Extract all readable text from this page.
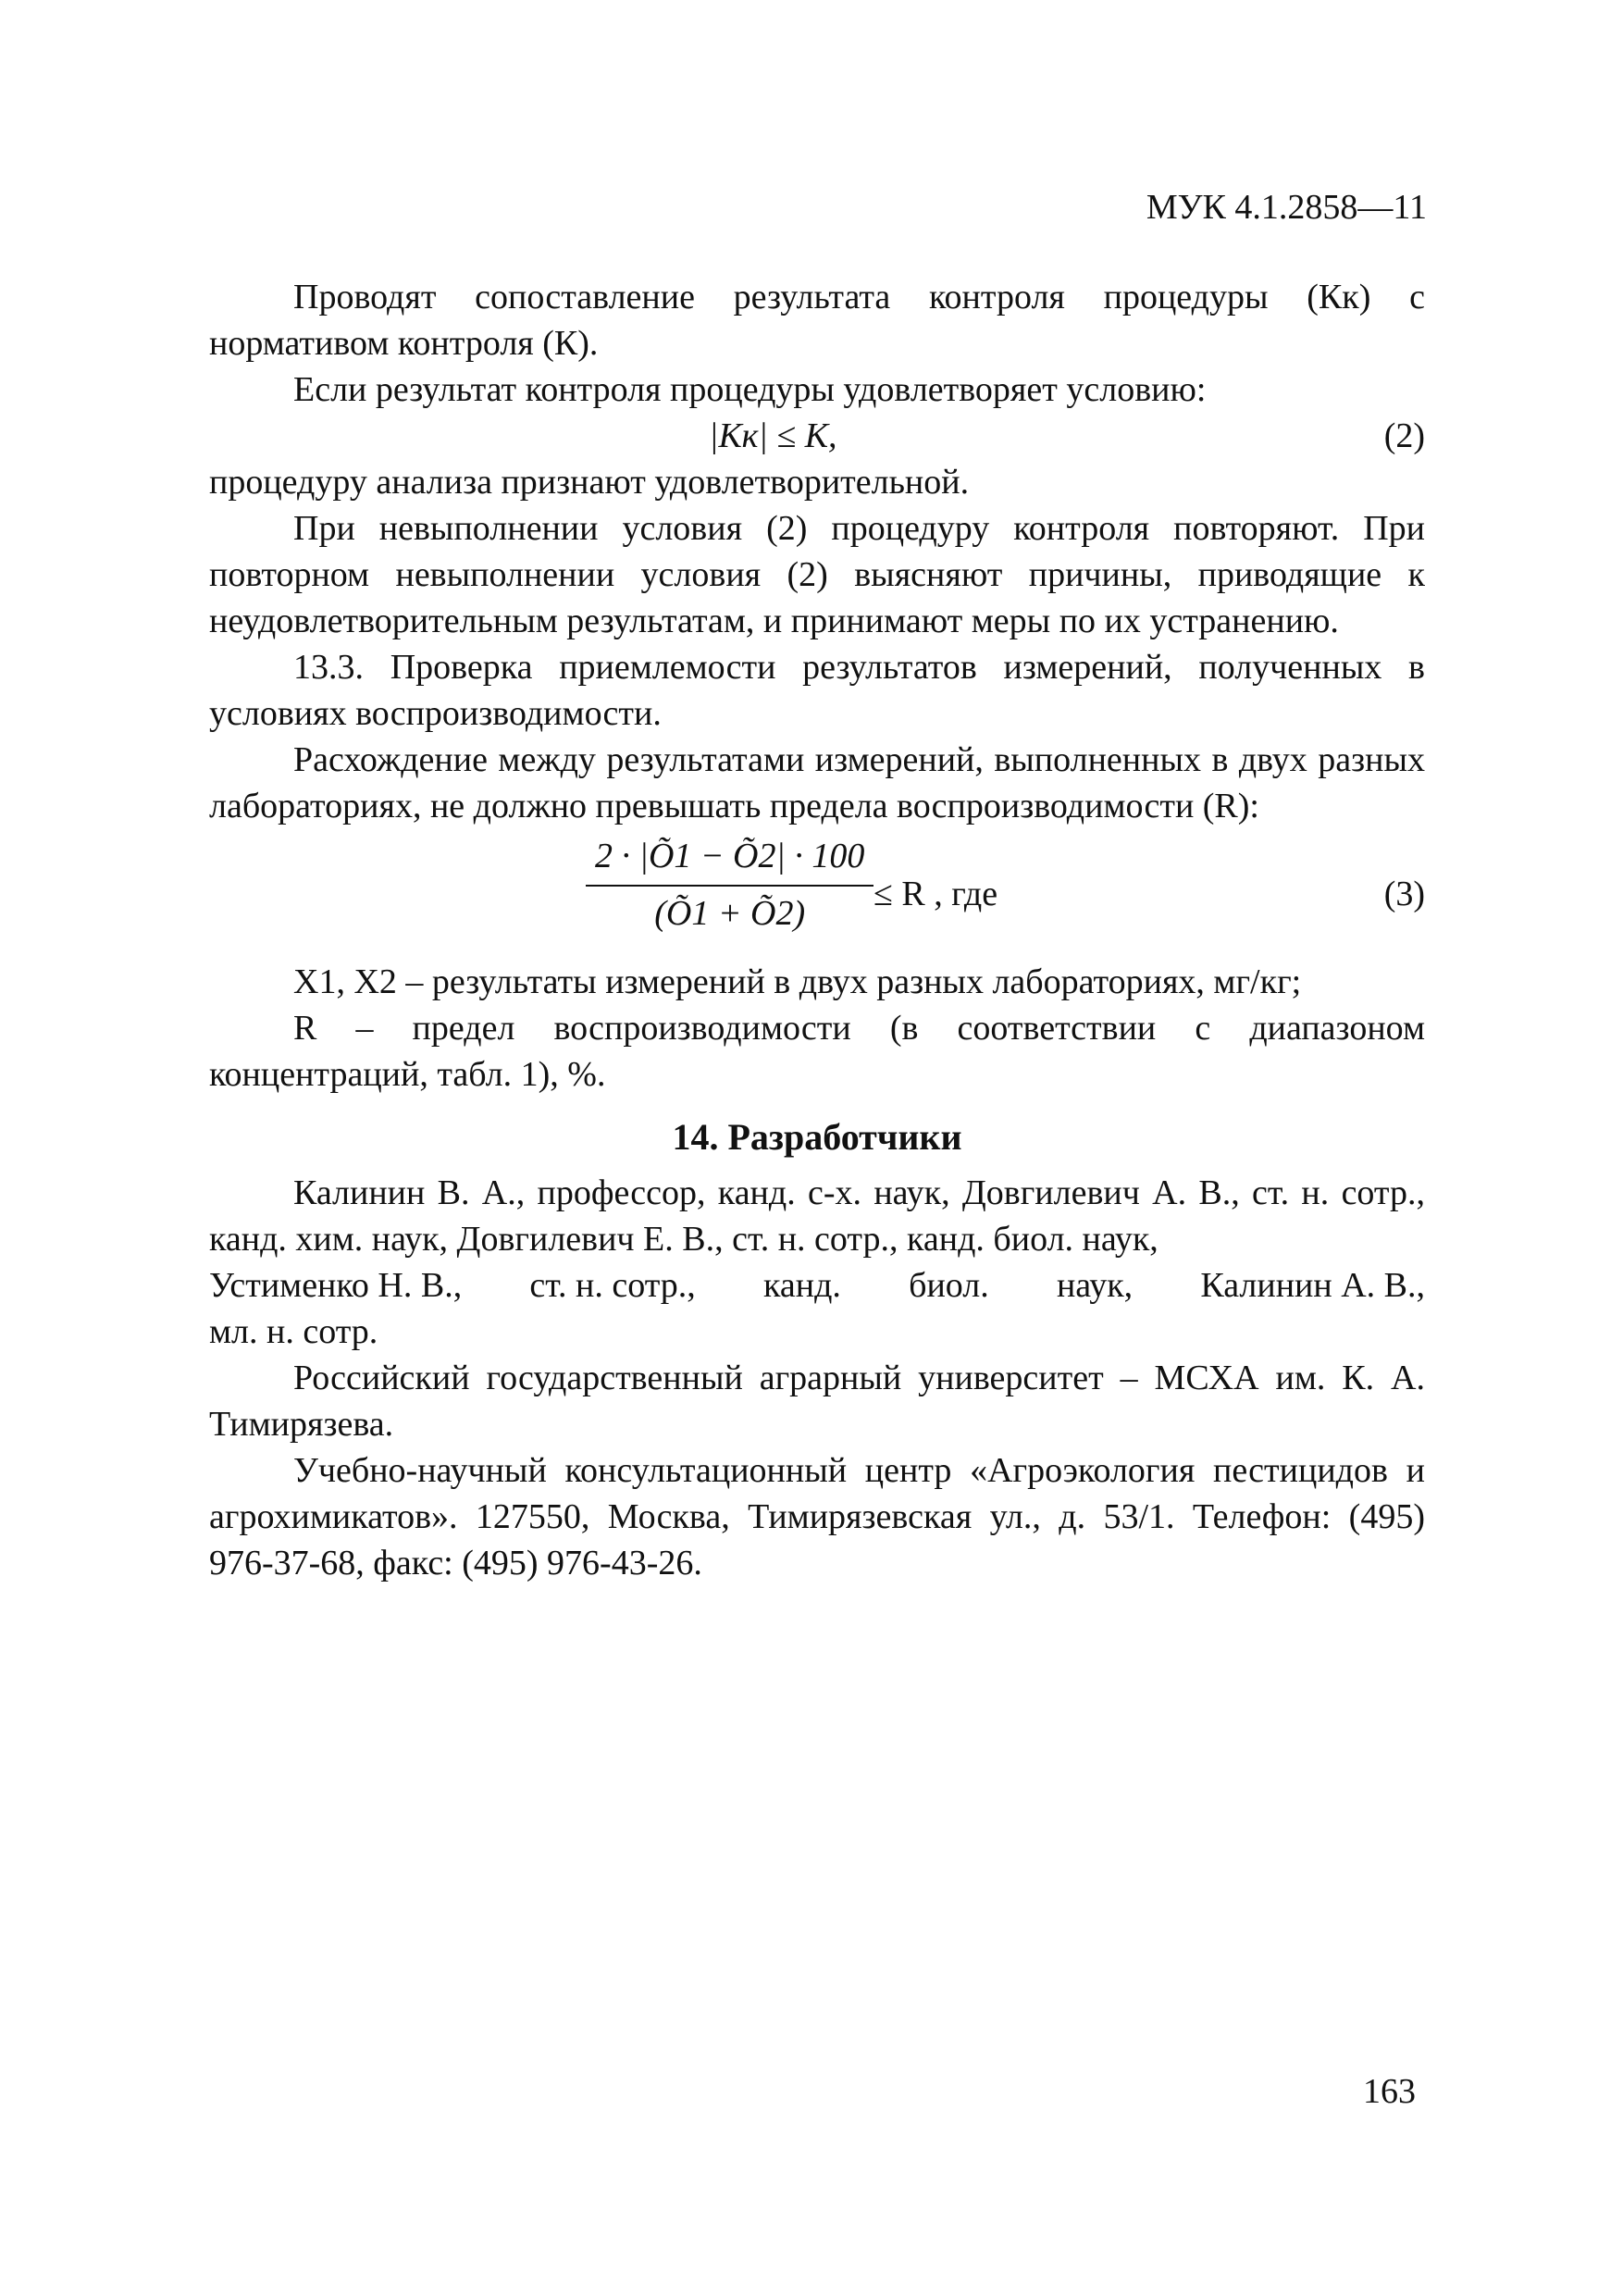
МУК 4.1.2858—11

Проводят сопоставление результата контроля процедуры (Кк) с нормативом контроля (К).

Если результат контроля процедуры удовлетворяет условию:

|Кк| ≤ К,	(2)

процедуру анализа признают удовлетворительной.

При невыполнении условия (2) процедуру контроля повторяют. При повторном невыполнении условия (2) выясняют причины, приводящие к неудовлетворительным результатам, и принимают меры по их устранению.

13.3. Проверка приемлемости результатов измерений, полученных в условиях воспроизводимости.

Расхождение между результатами измерений, выполненных в двух разных лабораториях, не должно превышать предела воспроизводимости (R):

$\frac{2 \cdot |Õ1 - Õ2| \cdot 100}{(Õ1 + Õ2)} \le R$ , где	(3)

X1, X2 – результаты измерений в двух разных лабораториях, мг/кг;

R – предел воспроизводимости (в соответствии с диапазоном концентраций, табл. 1), %.

14. Разработчики

Калинин В. А., профессор, канд. с-х. наук, Довгилевич А. В., ст. н. сотр., канд. хим. наук, Довгилевич Е. В., ст. н. сотр., канд. биол. наук,

Устименко Н. В., ст. н. сотр., канд. биол. наук, Калинин А. В.,

мл. н. сотр.

Российский государственный аграрный университет – МСХА им. К. А. Тимирязева.

Учебно-научный консультационный центр «Агроэкология пестицидов и агрохимикатов». 127550, Москва, Тимирязевская ул., д. 53/1. Телефон: (495) 976-37-68, факс: (495) 976-43-26.

163
